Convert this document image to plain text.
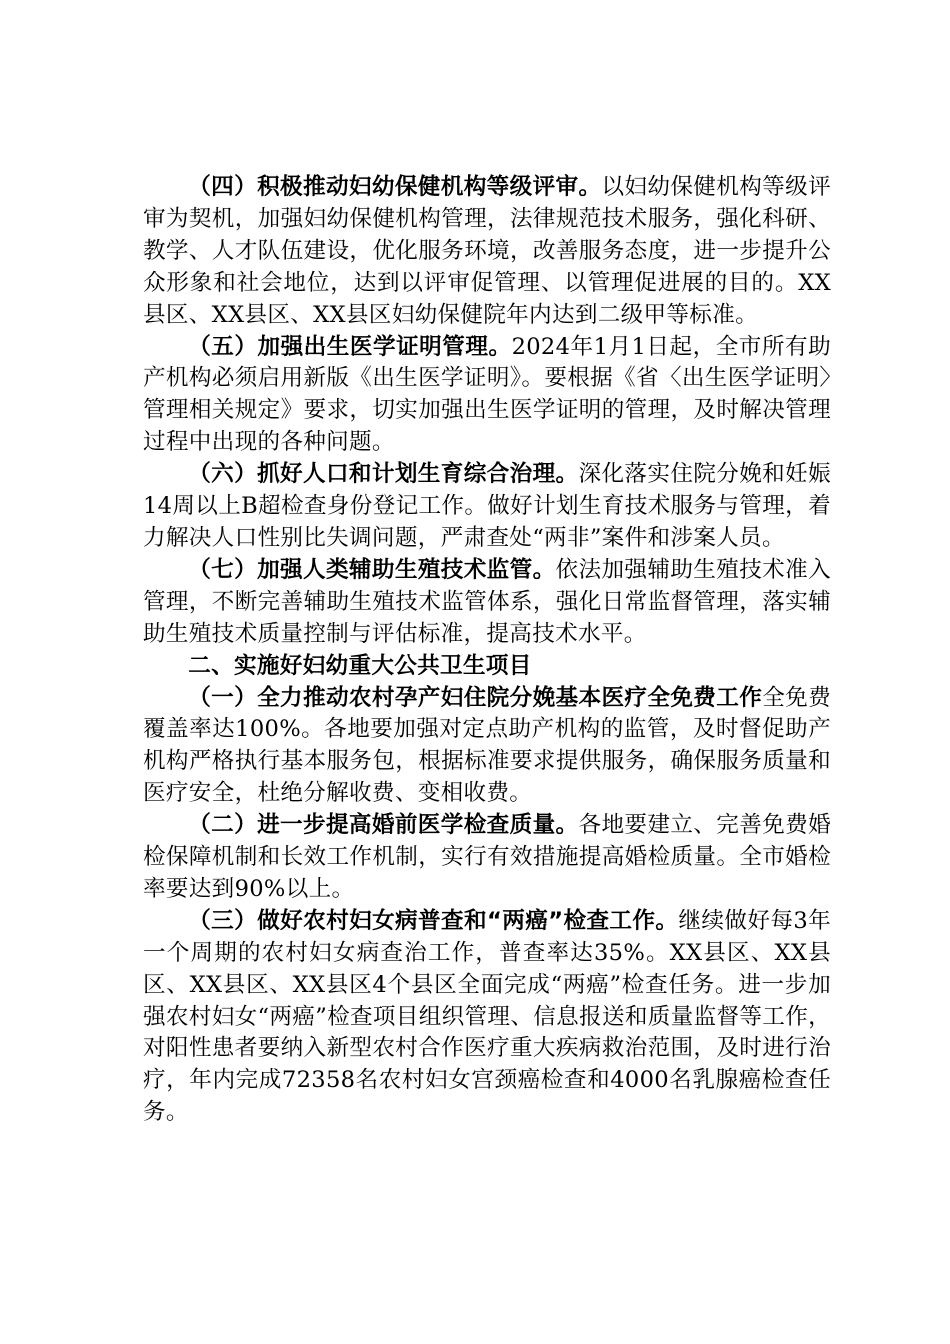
（四）积极推动妇幼保健机构等级评审。以妇幼保健机构等级评审为契机，加强妇幼保健机构管理，法律规范技术服务，强化科研、教学、人才队伍建设，优化服务环境，改善服务态度，进一步提升公众形象和社会地位，达到以评审促管理、以管理促进展的目的。XX县区、XX县区、XX县区妇幼保健院年内达到二级甲等标准。

（五）加强出生医学证明管理。2024年1月1日起，全市所有助产机构必须启用新版《出生医学证明》。要根据《省〈出生医学证明〉管理相关规定》要求，切实加强出生医学证明的管理，及时解决管理过程中出现的各种问题。

（六）抓好人口和计划生育综合治理。深化落实住院分娩和妊娠14周以上B超检查身份登记工作。做好计划生育技术服务与管理，着力解决人口性别比失调问题，严肃查处“两非”案件和涉案人员。

（七）加强人类辅助生殖技术监管。依法加强辅助生殖技术准入管理，不断完善辅助生殖技术监管体系，强化日常监督管理，落实辅助生殖技术质量控制与评估标准，提高技术水平。

二、实施好妇幼重大公共卫生项目

（一）全力推动农村孕产妇住院分娩基本医疗全免费工作全免费覆盖率达100%。各地要加强对定点助产机构的监管，及时督促助产机构严格执行基本服务包，根据标准要求提供服务，确保服务质量和医疗安全，杜绝分解收费、变相收费。

（二）进一步提高婚前医学检查质量。各地要建立、完善免费婚检保障机制和长效工作机制，实行有效措施提高婚检质量。全市婚检率要达到90%以上。

（三）做好农村妇女病普查和“两癌”检查工作。继续做好每3年一个周期的农村妇女病查治工作，普查率达35%。XX县区、XX县区、XX县区、XX县区4个县区全面完成“两癌”检查任务。进一步加强农村妇女“两癌”检查项目组织管理、信息报送和质量监督等工作，对阳性患者要纳入新型农村合作医疗重大疾病救治范围，及时进行治疗，年内完成72358名农村妇女宫颈癌检查和4000名乳腺癌检查任务。
